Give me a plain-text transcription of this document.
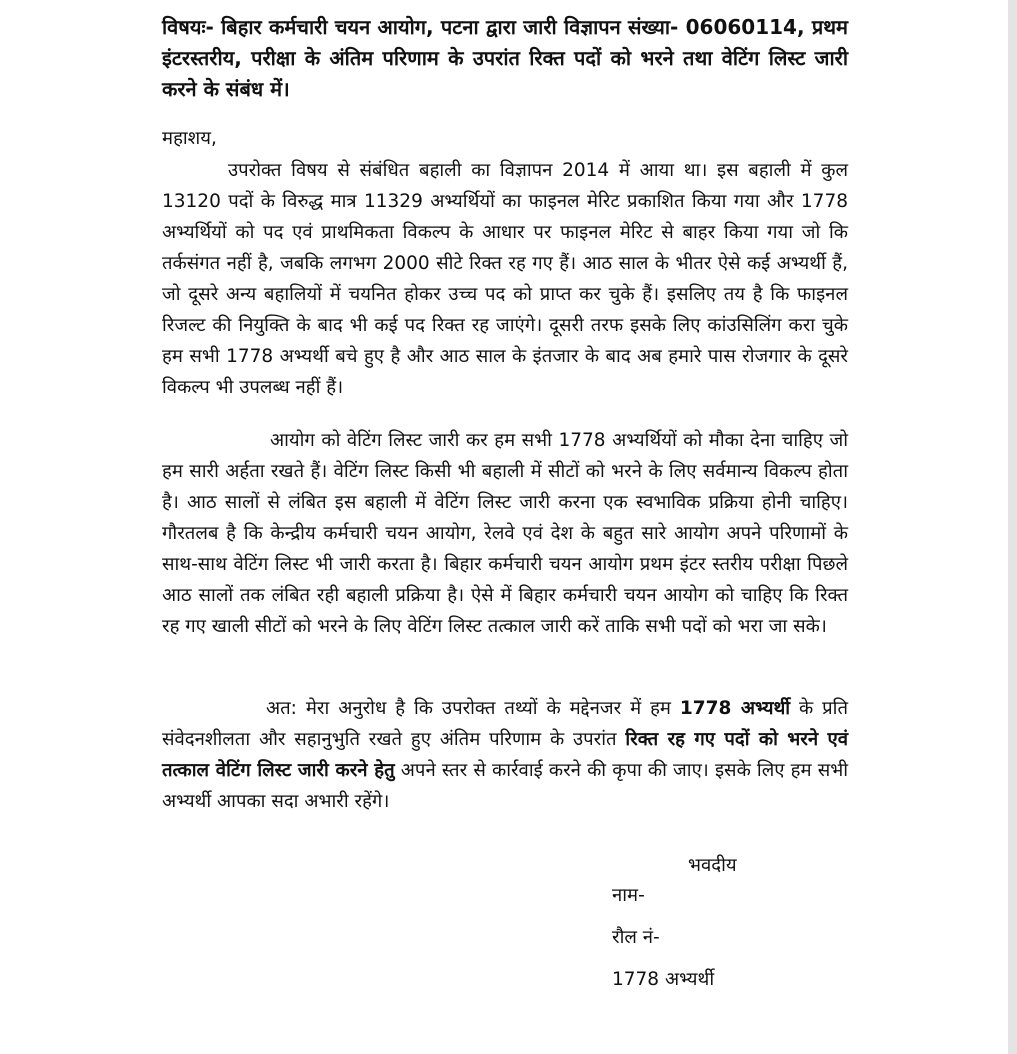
विषयः- बिहार कर्मचारी चयन आयोग, पटना द्वारा जारी विज्ञापन संख्या- 06060114, प्रथम इंटरस्तरीय, परीक्षा के अंतिम परिणाम के उपरांत रिक्त पदों को भरने तथा वेटिंग लिस्ट जारी करने के संबंध में।
महाशय,
उपरोक्त विषय से संबंधित बहाली का विज्ञापन 2014 में आया था। इस बहाली में कुल 13120 पदों के विरुद्ध मात्र 11329 अभ्यर्थियों का फाइनल मेरिट प्रकाशित किया गया और 1778 अभ्यर्थियों को पद एवं प्राथमिकता विकल्प के आधार पर फाइनल मेरिट से बाहर किया गया जो कि तर्कसंगत नहीं है, जबकि लगभग 2000 सीटे रिक्त रह गए हैं। आठ साल के भीतर ऐसे कई अभ्यर्थी हैं, जो दूसरे अन्य बहालियों में चयनित होकर उच्च पद को प्राप्त कर चुके हैं। इसलिए तय है कि फाइनल रिजल्ट की नियुक्ति के बाद भी कई पद रिक्त रह जाएंगे। दूसरी तरफ इसके लिए कांउसिलिंग करा चुके हम सभी 1778 अभ्यर्थी बचे हुए है और आठ साल के इंतजार के बाद अब हमारे पास रोजगार के दूसरे विकल्प भी उपलब्ध नहीं हैं।
आयोग को वेटिंग लिस्ट जारी कर हम सभी 1778 अभ्यर्थियों को मौका देना चाहिए जो हम सारी अर्हता रखते हैं। वेटिंग लिस्ट किसी भी बहाली में सीटों को भरने के लिए सर्वमान्य विकल्प होता है। आठ सालों से लंबित इस बहाली में वेटिंग लिस्ट जारी करना एक स्वभाविक प्रक्रिया होनी चाहिए। गौरतलब है कि केन्द्रीय कर्मचारी चयन आयोग, रेलवे एवं देश के बहुत सारे आयोग अपने परिणामों के साथ-साथ वेटिंग लिस्ट भी जारी करता है। बिहार कर्मचारी चयन आयोग प्रथम इंटर स्तरीय परीक्षा पिछले आठ सालों तक लंबित रही बहाली प्रक्रिया है। ऐसे में बिहार कर्मचारी चयन आयोग को चाहिए कि रिक्त रह गए खाली सीटों को भरने के लिए वेटिंग लिस्ट तत्काल जारी करें ताकि सभी पदों को भरा जा सके।
अत: मेरा अनुरोध है कि उपरोक्त तथ्यों के मद्देनजर में हम 1778 अभ्यर्थी के प्रति संवेदनशीलता और सहानुभुति रखते हुए अंतिम परिणाम के उपरांत रिक्त रह गए पदों को भरने एवं तत्काल वेटिंग लिस्ट जारी करने हेतु अपने स्तर से कार्रवाई करने की कृपा की जाए। इसके लिए हम सभी अभ्यर्थी आपका सदा अभारी रहेंगे।
भवदीय
नाम-
रौल नं-
1778 अभ्यर्थी
